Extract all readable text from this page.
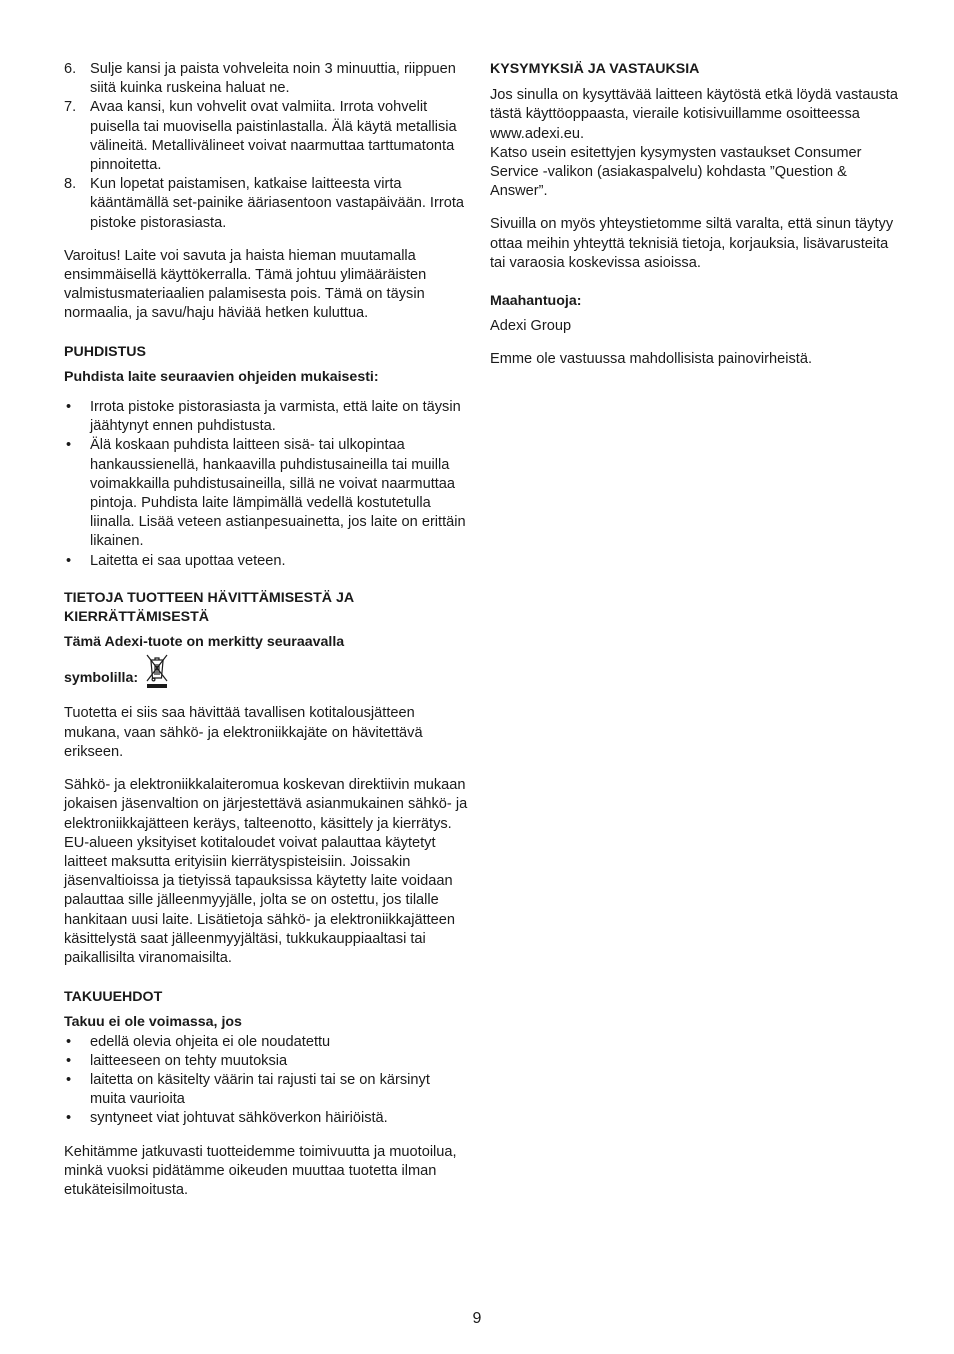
6. Sulje kansi ja paista vohveleita noin 3 minuuttia, riippuen siitä kuinka ruskeina haluat ne.
7. Avaa kansi, kun vohvelit ovat valmiita. Irrota vohvelit puisella tai muovisella paistinlastalla. Älä käytä metallisia välineitä. Metallivälineet voivat naarmuttaa tarttumatonta pinnoitetta.
8. Kun lopetat paistamisen, katkaise laitteesta virta kääntämällä set-painike ääriasentoon vastapäivään. Irrota pistoke pistorasiasta.

Varoitus! Laite voi savuta ja haista hieman muutamalla ensimmäisellä käyttökerralla. Tämä johtuu ylimääräisten valmistusmateriaalien palamisesta pois. Tämä on täysin normaalia, ja savu/haju häviää hetken kuluttua.

PUHDISTUS

Puhdista laite seuraavien ohjeiden mukaisesti:

• Irrota pistoke pistorasiasta ja varmista, että laite on täysin jäähtynyt ennen puhdistusta.
• Älä koskaan puhdista laitteen sisä- tai ulkopintaa hankaussienellä, hankaavilla puhdistusaineilla tai muilla voimakkailla puhdistusaineilla, sillä ne voivat naarmuttaa pintoja. Puhdista laite lämpimällä vedellä kostutetulla liinalla. Lisää veteen astianpesuainetta, jos laite on erittäin likainen.
• Laitetta ei saa upottaa veteen.

TIETOJA TUOTTEEN HÄVITTÄMISESTÄ JA KIERRÄTTÄMISESTÄ

Tämä Adexi-tuote on merkitty seuraavalla

symbolilla:

Tuotetta ei siis saa hävittää tavallisen kotitalousjätteen mukana, vaan sähkö- ja elektroniikkajäte on hävitettävä erikseen.

Sähkö- ja elektroniikkalaiteromua koskevan direktiivin mukaan jokaisen jäsenvaltion on järjestettävä asianmukainen sähkö- ja elektroniikkajätteen keräys, talteenotto, käsittely ja kierrätys. EU-alueen yksityiset kotitaloudet voivat palauttaa käytetyt laitteet maksutta erityisiin kierrätyspisteisiin. Joissakin jäsenvaltioissa ja tietyissä tapauksissa käytetty laite voidaan palauttaa sille jälleenmyyjälle, jolta se on ostettu, jos tilalle hankitaan uusi laite. Lisätietoja sähkö- ja elektroniikkajätteen käsittelystä saat jälleenmyyjältäsi, tukkukauppiaaltasi tai paikallisilta viranomaisilta.

TAKUUEHDOT

Takuu ei ole voimassa, jos

• edellä olevia ohjeita ei ole noudatettu
• laitteeseen on tehty muutoksia
• laitetta on käsitelty väärin tai rajusti tai se on kärsinyt muita vaurioita
• syntyneet viat johtuvat sähköverkon häiriöistä.

Kehitämme jatkuvasti tuotteidemme toimivuutta ja muotoilua, minkä vuoksi pidätämme oikeuden muuttaa tuotetta ilman etukäteisilmoitusta.

KYSYMYKSIÄ JA VASTAUKSIA

Jos sinulla on kysyttävää laitteen käytöstä etkä löydä vastausta tästä käyttöoppaasta, vieraile kotisivuillamme osoitteessa www.adexi.eu.

Katso usein esitettyjen kysymysten vastaukset Consumer Service -valikon (asiakaspalvelu) kohdasta ”Question & Answer”.

Sivuilla on myös yhteystietomme siltä varalta, että sinun täytyy ottaa meihin yhteyttä teknisiä tietoja, korjauksia, lisävarusteita tai varaosia koskevissa asioissa.

Maahantuoja:

Adexi Group

Emme ole vastuussa mahdollisista painovirheistä.

9
